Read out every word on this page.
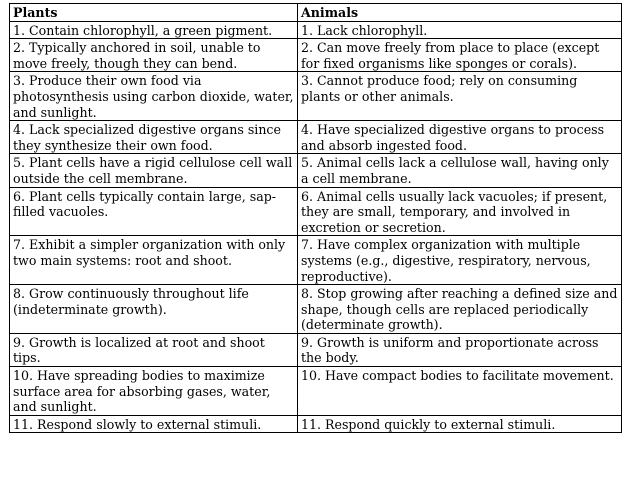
Plants	Animals
1. Contain chlorophyll, a green pigment.	1. Lack chlorophyll.
2. Typically anchored in soil, unable to move freely, though they can bend.	2. Can move freely from place to place (except for fixed organisms like sponges or corals).
3. Produce their own food via photosynthesis using carbon dioxide, water, and sunlight.	3. Cannot produce food; rely on consuming plants or other animals.
4. Lack specialized digestive organs since they synthesize their own food.	4. Have specialized digestive organs to process and absorb ingested food.
5. Plant cells have a rigid cellulose cell wall outside the cell membrane.	5. Animal cells lack a cellulose wall, having only a cell membrane.
6. Plant cells typically contain large, sap-filled vacuoles.	6. Animal cells usually lack vacuoles; if present, they are small, temporary, and involved in excretion or secretion.
7. Exhibit a simpler organization with only two main systems: root and shoot.	7. Have complex organization with multiple systems (e.g., digestive, respiratory, nervous, reproductive).
8. Grow continuously throughout life (indeterminate growth).	8. Stop growing after reaching a defined size and shape, though cells are replaced periodically (determinate growth).
9. Growth is localized at root and shoot tips.	9. Growth is uniform and proportionate across the body.
10. Have spreading bodies to maximize surface area for absorbing gases, water, and sunlight.	10. Have compact bodies to facilitate movement.
11. Respond slowly to external stimuli.	11. Respond quickly to external stimuli.
